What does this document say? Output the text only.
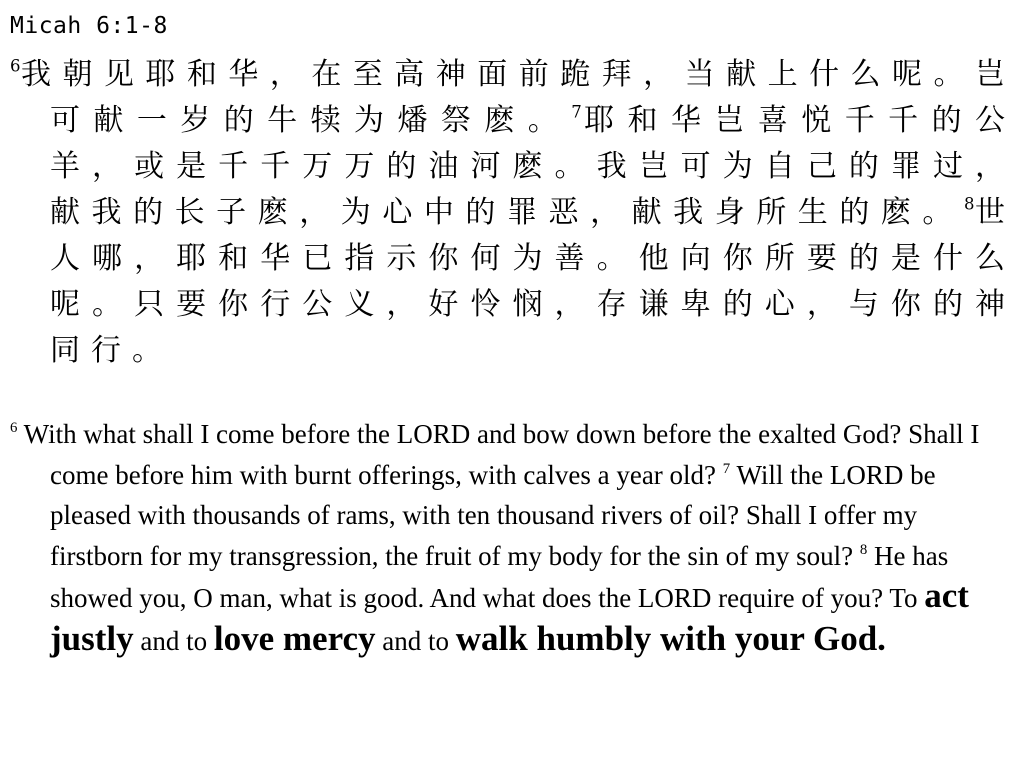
Micah 6:1-8

$^6$我朝见耶和华，在至高神面前跪拜，当献上什么呢。岂可献一岁的牛犊为燔祭麽。$^7$耶和华岂喜悦千千的公羊，或是千千万万的油河麽。我岂可为自己的罪过，献我的长子麽，为心中的罪恶，献我身所生的麽。$^8$世人哪，耶和华已指示你何为善。他向你所要的是什么呢。只要你行公义，好怜悯，存谦卑的心，与你的神同行。

$^6$ With what shall I come before the LORD and bow down before the exalted God? Shall I come before him with burnt offerings, with calves a year old? $^7$ Will the LORD be pleased with thousands of rams, with ten thousand rivers of oil? Shall I offer my firstborn for my transgression, the fruit of my body for the sin of my soul? $^8$ He has showed you, O man, what is good. And what does the LORD require of you? To act justly and to love mercy and to walk humbly with your God.
